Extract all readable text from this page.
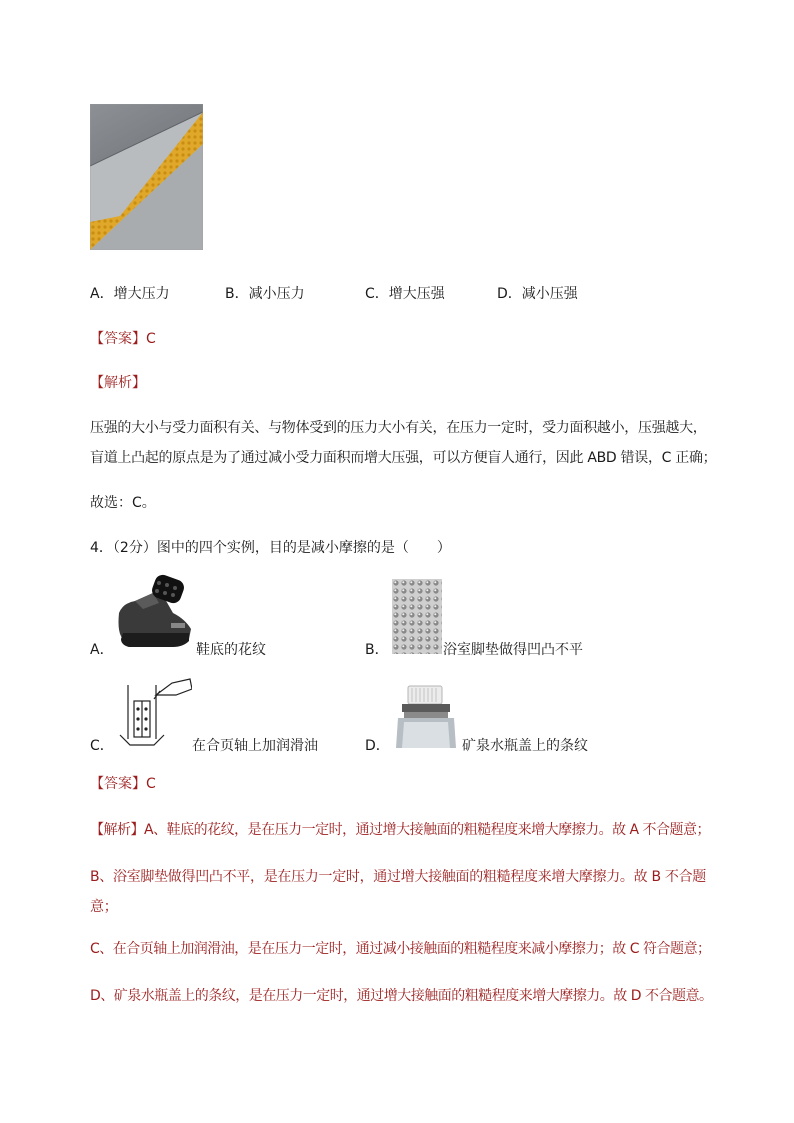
A．增大压力	B．减小压力	C．增大压强	D．减小压强
【答案】C
【解析】
压强的大小与受力面积有关、与物体受到的压力大小有关，在压力一定时，受力面积越小，压强越大，
盲道上凸起的原点是为了通过减小受力面积而增大压强，可以方便盲人通行，因此 ABD 错误，C 正确；
故选：C。
4．（2分）图中的四个实例，目的是减小摩擦的是（　　）
A．	鞋底的花纹	B．	浴室脚垫做得凹凸不平
C．	在合页轴上加润滑油	D．	矿泉水瓶盖上的条纹
【答案】C
【解析】A、鞋底的花纹，是在压力一定时，通过增大接触面的粗糙程度来增大摩擦力。故 A 不合题意；
B、浴室脚垫做得凹凸不平，是在压力一定时，通过增大接触面的粗糙程度来增大摩擦力。故 B 不合题意；
C、在合页轴上加润滑油，是在压力一定时，通过减小接触面的粗糙程度来减小摩擦力；故 C 符合题意；
D、矿泉水瓶盖上的条纹，是在压力一定时，通过增大接触面的粗糙程度来增大摩擦力。故 D 不合题意。
